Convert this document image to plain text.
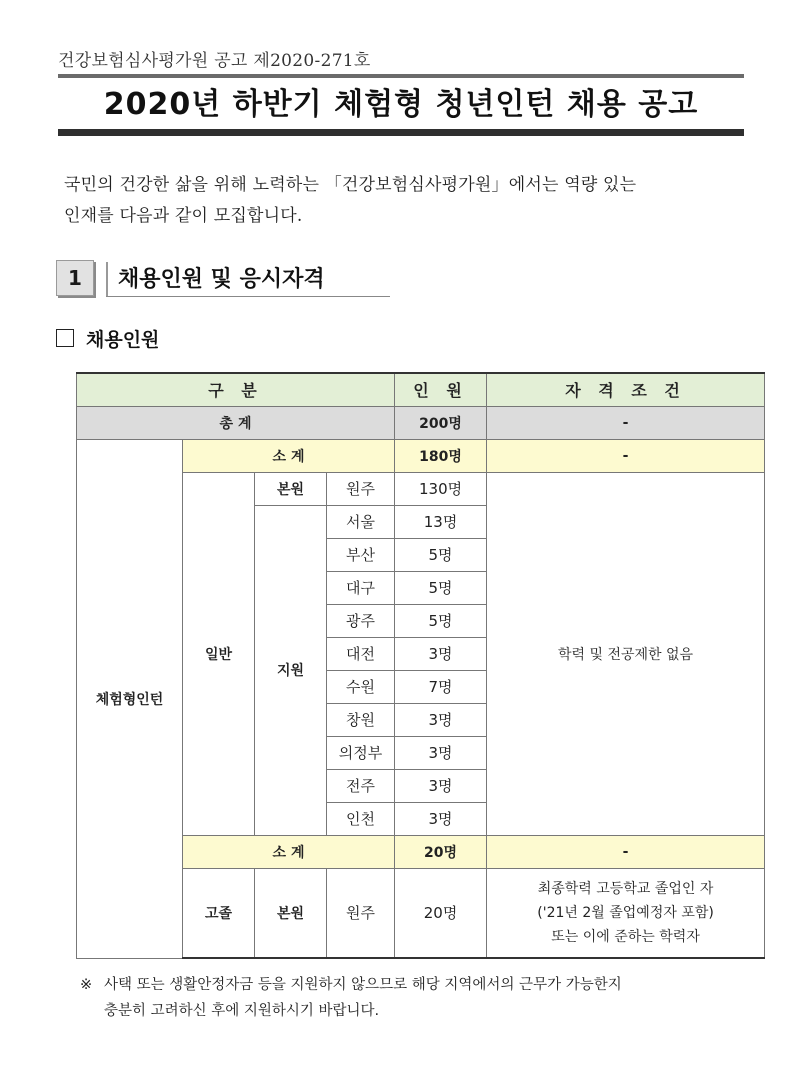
건강보험심사평가원 공고 제2020-271호
2020년 하반기 체험형 청년인턴 채용 공고

국민의 건강한 삶을 위해 노력하는 「건강보험심사평가원」에서는 역량 있는

인재를 다음과 같이 모집합니다.

1	채용인원 및 응시자격
채용인원
구 분				인 원	자 격 조 건
총 계				200명	-
체험형인턴	소 계			180명	-
	일반	본원	원주	130명	학력 및 전공제한 없음
		지원	서울	13명	
			부산	5명	
			대구	5명	
			광주	5명	
			대전	3명	
			수원	7명	
			창원	3명	
			의정부	3명	
			전주	3명	
			인천	3명	
	소 계			20명	-
	고졸	본원	원주	20명	최종학력 고등학교 졸업인 자
('21년 2월 졸업예정자 포함)
또는 이에 준하는 학력자
※ 사택 또는 생활안정자금 등을 지원하지 않으므로 해당 지역에서의 근무가 가능한지
충분히 고려하신 후에 지원하시기 바랍니다.
